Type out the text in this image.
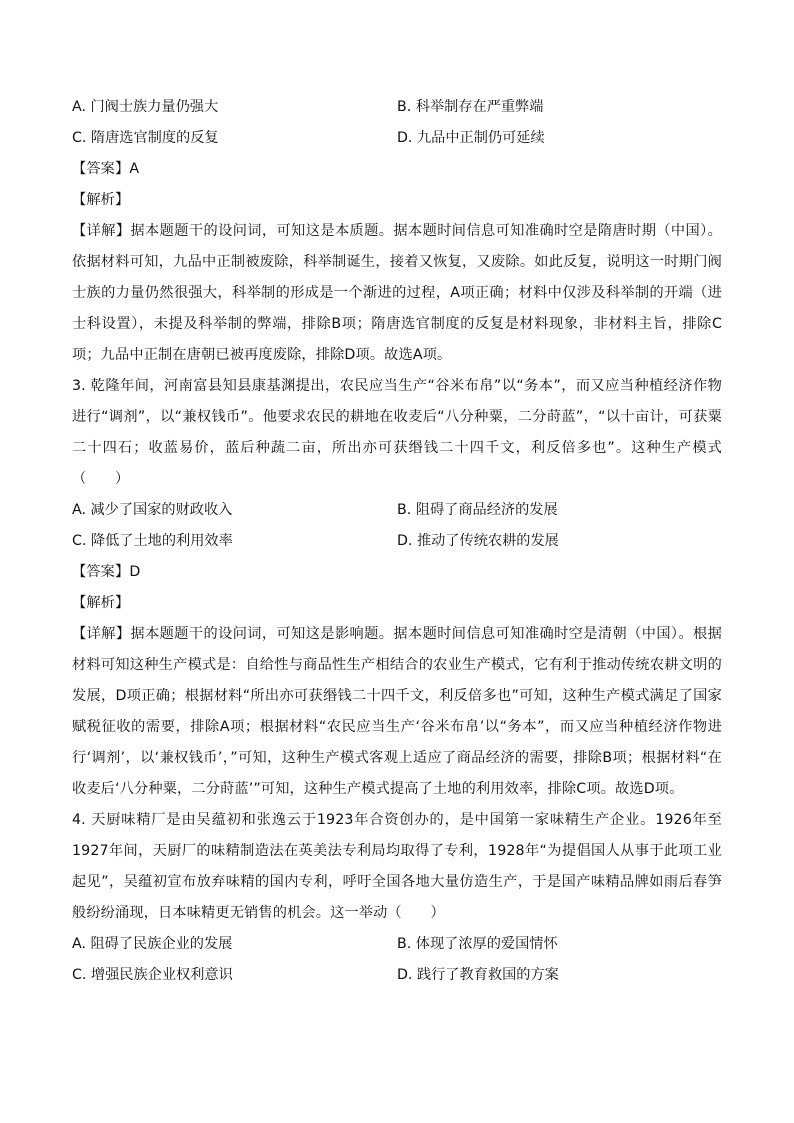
A. 门阀士族力量仍强大	B. 科举制存在严重弊端
C. 隋唐选官制度的反复	D. 九品中正制仍可延续
【答案】A
【解析】
【详解】据本题题干的设问词，可知这是本质题。据本题时间信息可知准确时空是隋唐时期（中国）。依据材料可知，九品中正制被废除，科举制诞生，接着又恢复，又废除。如此反复，说明这一时期门阀士族的力量仍然很强大，科举制的形成是一个渐进的过程，A项正确；材料中仅涉及科举制的开端（进士科设置），未提及科举制的弊端，排除B项；隋唐选官制度的反复是材料现象，非材料主旨，排除C项；九品中正制在唐朝已被再度废除，排除D项。故选A项。
3. 乾隆年间，河南富县知县康基渊提出，农民应当生产“谷米布帛”以“务本”，而又应当种植经济作物进行“调剂”，以“兼权钱币”。他要求农民的耕地在收麦后“八分种粟，二分莳蓝”，“以十亩计，可获粟二十四石；收蓝易价，蓝后种蔬二亩，所出亦可获缗钱二十四千文，利反倍多也”。这种生产模式（　　）
A. 减少了国家的财政收入	B. 阻碍了商品经济的发展
C. 降低了土地的利用效率	D. 推动了传统农耕的发展
【答案】D
【解析】
【详解】据本题题干的设问词，可知这是影响题。据本题时间信息可知准确时空是清朝（中国）。根据材料可知这种生产模式是：自给性与商品性生产相结合的农业生产模式，它有利于推动传统农耕文明的发展，D项正确；根据材料“所出亦可获缗钱二十四千文，利反倍多也”可知，这种生产模式满足了国家赋税征收的需要，排除A项；根据材料“农民应当生产‘谷米布帛’以“务本”，而又应当种植经济作物进行‘调剂’，以‘兼权钱币’，”可知，这种生产模式客观上适应了商品经济的需要，排除B项；根据材料“在收麦后‘八分种粟，二分莳蓝’”可知，这种生产模式提高了土地的利用效率，排除C项。故选D项。
4. 天厨味精厂是由吴蕴初和张逸云于1923年合资创办的，是中国第一家味精生产企业。1926年至1927年间，天厨厂的味精制造法在英美法专利局均取得了专利，1928年“为提倡国人从事于此项工业起见”，吴蕴初宣布放弃味精的国内专利，呼吁全国各地大量仿造生产，于是国产味精品牌如雨后春笋般纷纷涌现，日本味精更无销售的机会。这一举动（　　）
A. 阻碍了民族企业的发展	B. 体现了浓厚的爱国情怀
C. 增强民族企业权利意识	D. 践行了教育救国的方案
